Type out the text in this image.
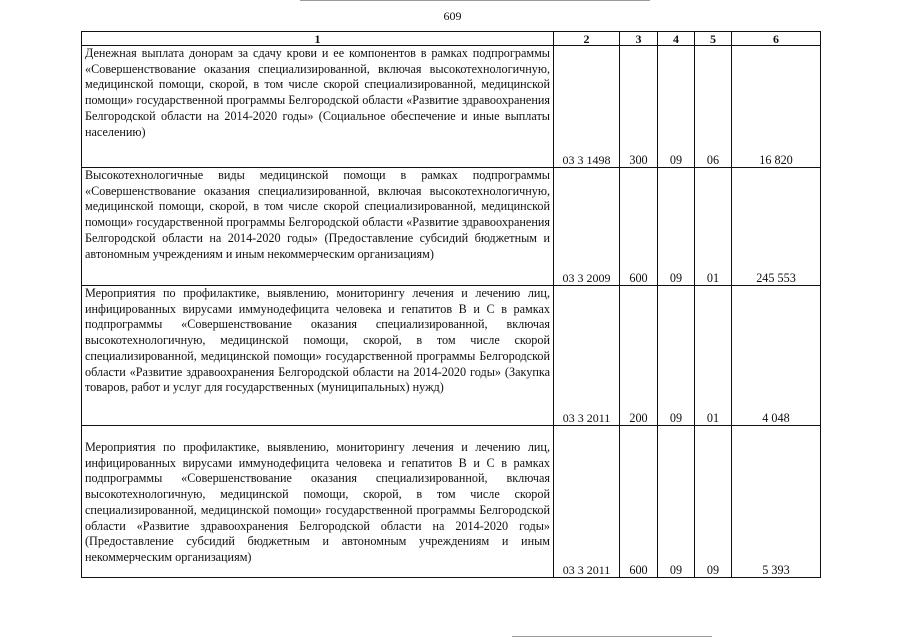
609
1	2	3	4	5	6
Денежная выплата донорам за сдачу крови и ее компонентов в рамках подпрограммы «Совершенствование оказания специализированной, включая высокотехнологичную, медицинской помощи, скорой, в том числе скорой специализированной, медицинской помощи» государственной программы Белгородской области «Развитие здравоохранения Белгородской области на 2014-2020 годы» (Социальное обеспечение и иные выплаты населению)	03 3 1498	300	09	06	16 820
Высокотехнологичные виды медицинской помощи в рамках подпрограммы «Совершенствование оказания специализированной, включая высокотехнологичную, медицинской помощи, скорой, в том числе скорой специализированной, медицинской помощи» государственной программы Белгородской области «Развитие здравоохранения Белгородской области на 2014-2020 годы» (Предоставление субсидий бюджетным и автономным учреждениям и иным некоммерческим организациям)	03 3 2009	600	09	01	245 553
Мероприятия по профилактике, выявлению, мониторингу лечения и лечению лиц, инфицированных вирусами иммунодефицита человека и гепатитов В и С в рамках подпрограммы «Совершенствование оказания специализированной, включая высокотехнологичную, медицинской помощи, скорой, в том числе скорой специализированной, медицинской помощи» государственной программы Белгородской области «Развитие здравоохранения Белгородской области на 2014-2020 годы» (Закупка товаров, работ и услуг для государственных (муниципальных) нужд)	03 3 2011	200	09	01	4 048
Мероприятия по профилактике, выявлению, мониторингу лечения и лечению лиц, инфицированных вирусами иммунодефицита человека и гепатитов В и С в рамках подпрограммы «Совершенствование оказания специализированной, включая высокотехнологичную, медицинской помощи, скорой, в том числе скорой специализированной, медицинской помощи» государственной программы Белгородской области «Развитие здравоохранения Белгородской области на 2014-2020 годы» (Предоставление субсидий бюджетным и автономным учреждениям и иным некоммерческим организациям)	03 3 2011	600	09	09	5 393
